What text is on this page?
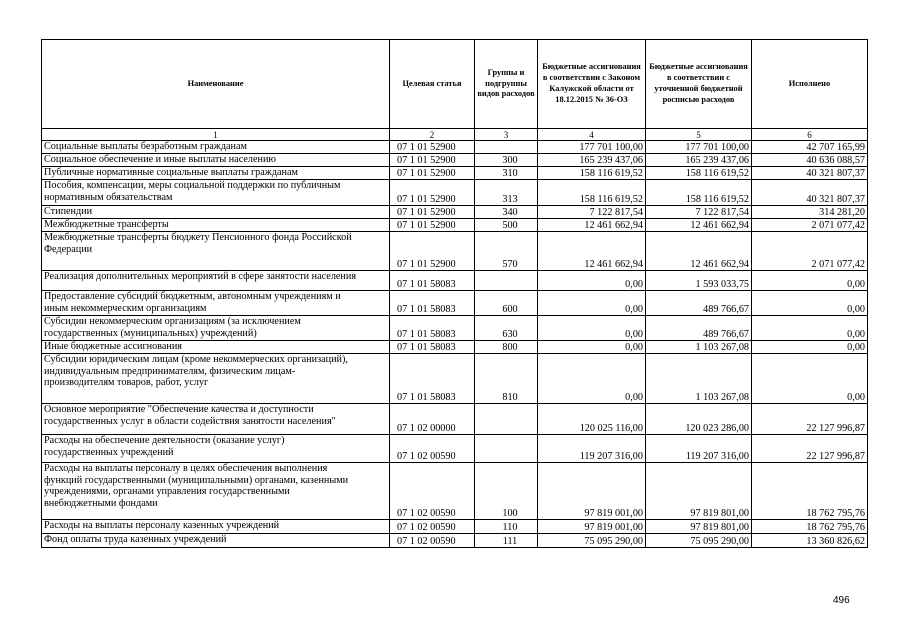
Наименование	Целевая статья	Группы и подгруппы видов расходов	Бюджетные ассигнования в соответствии с Законом Калужской области от 18.12.2015 № 36-ОЗ	Бюджетные ассигнования в соответствии с уточненной бюджетной росписью расходов	Исполнено
1	2	3	4	5	6

Социальные выплаты безработным гражданам	07 1 01 52900		177 701 100,00	177 701 100,00	42 707 165,99

Социальное обеспечение и иные выплаты населению	07 1 01 52900	300	165 239 437,06	165 239 437,06	40 636 088,57

Публичные нормативные социальные выплаты гражданам	07 1 01 52900	310	158 116 619,52	158 116 619,52	40 321 807,37

Пособия, компенсации, меры социальной поддержки по публичным
нормативным обязательствам	07 1 01 52900	313	158 116 619,52	158 116 619,52	40 321 807,37

Стипендии	07 1 01 52900	340	7 122 817,54	7 122 817,54	314 281,20

Межбюджетные трансферты	07 1 01 52900	500	12 461 662,94	12 461 662,94	2 071 077,42

Межбюджетные трансферты бюджету Пенсионного фонда Российской
Федерации	07 1 01 52900	570	12 461 662,94	12 461 662,94	2 071 077,42

Реализация дополнительных мероприятий в сфере занятости населения	07 1 01 58083		0,00	1 593 033,75	0,00

Предоставление субсидий бюджетным, автономным учреждениям и
иным некоммерческим организациям	07 1 01 58083	600	0,00	489 766,67	0,00

Субсидии некоммерческим организациям (за исключением
государственных (муниципальных) учреждений)	07 1 01 58083	630	0,00	489 766,67	0,00

Иные бюджетные ассигнования	07 1 01 58083	800	0,00	1 103 267,08	0,00

Субсидии юридическим лицам (кроме некоммерческих организаций),
индивидуальным предпринимателям, физическим лицам-
производителям товаров, работ, услуг	07 1 01 58083	810	0,00	1 103 267,08	0,00

Основное мероприятие "Обеспечение качества и доступности
государственных услуг в области содействия занятости населения"	07 1 02 00000		120 025 116,00	120 023 286,00	22 127 996,87

Расходы на обеспечение деятельности (оказание услуг)
государственных учреждений	07 1 02 00590		119 207 316,00	119 207 316,00	22 127 996,87

Расходы на выплаты персоналу в целях обеспечения выполнения
функций государственными (муниципальными) органами, казенными
учреждениями, органами управления государственными
внебюджетными фондами	07 1 02 00590	100	97 819 001,00	97 819 801,00	18 762 795,76

Расходы на выплаты персоналу казенных учреждений	07 1 02 00590	110	97 819 001,00	97 819 801,00	18 762 795,76

Фонд оплаты труда казенных учреждений	07 1 02 00590	111	75 095 290,00	75 095 290,00	13 360 826,62
496
